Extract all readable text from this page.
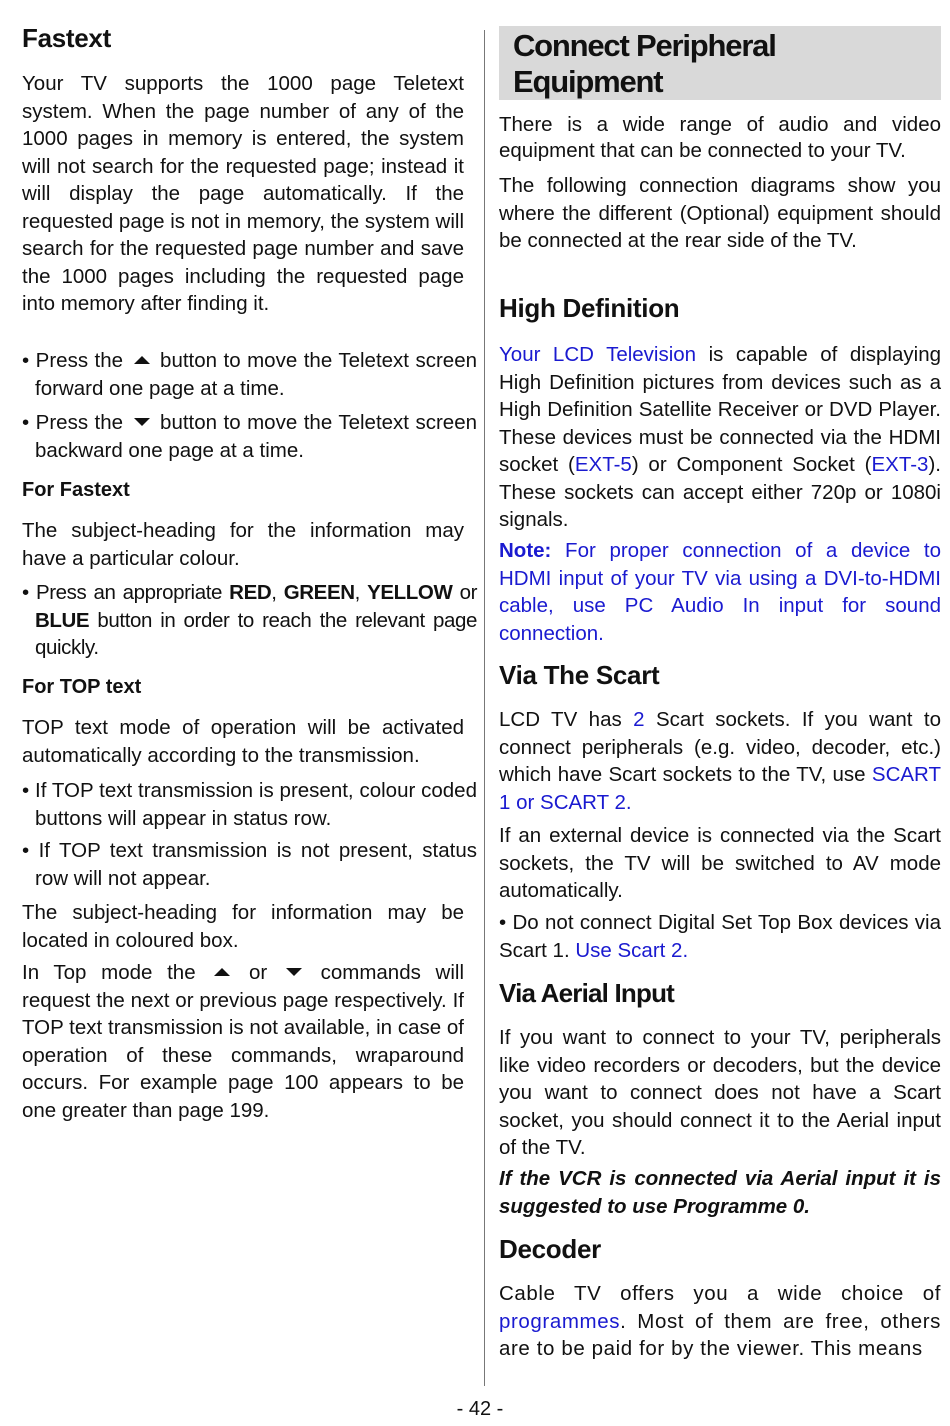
Fastext

Your TV supports the 1000 page Teletext system. When the page number of any of the 1000 pages in memory is entered, the system will not search for the requested page; instead it will display the page automatically. If the requested page is not in memory, the system will search for the requested page number and save the 1000 pages including the requested page into memory after finding it.

• Press the button to move the Teletext screen forward one page at a time.

• Press the button to move the Teletext screen backward one page at a time.

For Fastext

The subject-heading for the information may have a particular colour.

• Press an appropriate RED, GREEN, YELLOW or BLUE button in order to reach the relevant page quickly.

For TOP text

TOP text mode of operation will be activated automatically according to the transmission.

• If TOP text transmission is present, colour coded buttons will appear in status row.

• If TOP text transmission is not present, status row will not appear.

The subject-heading for information may be located in coloured box.

In Top mode the	or	commands will request the next or previous page respectively. If TOP text transmission is not available, in case of operation of these commands, wraparound occurs. For example page 100 appears to be one greater than page 199.

Connect Peripheral
Equipment

There is a wide range of audio and video equipment that can be connected to your TV.

The following connection diagrams show you where the different (Optional) equipment should be connected at the rear side of the TV.

High Definition

Your LCD Television is capable of displaying High Definition pictures from devices such as a High Definition Satellite Receiver or DVD Player. These devices must be connected via the HDMI socket (EXT-5) or Component Socket (EXT-3). These sockets can accept either 720p or 1080i signals.

Note: For proper connection of a device to HDMI input of your TV via using a DVI-to-HDMI cable, use PC Audio In input for sound connection.

Via The Scart

LCD TV has 2 Scart sockets. If you want to connect peripherals (e.g. video, decoder, etc.) which have Scart sockets to the TV, use SCART 1 or SCART 2.

If an external device is connected via the Scart sockets, the TV will be switched to AV mode automatically.

• Do not connect Digital Set Top Box devices via Scart 1. Use Scart 2.

Via Aerial Input

If you want to connect to your TV, peripherals like video recorders or decoders, but the device you want to connect does not have a Scart socket, you should connect it to the Aerial input of the TV.

If the VCR is connected via Aerial input it is suggested to use Programme 0.

Decoder

Cable TV offers you a wide choice of programmes. Most of them are free, others are to be paid for by the viewer. This means

- 42 -
